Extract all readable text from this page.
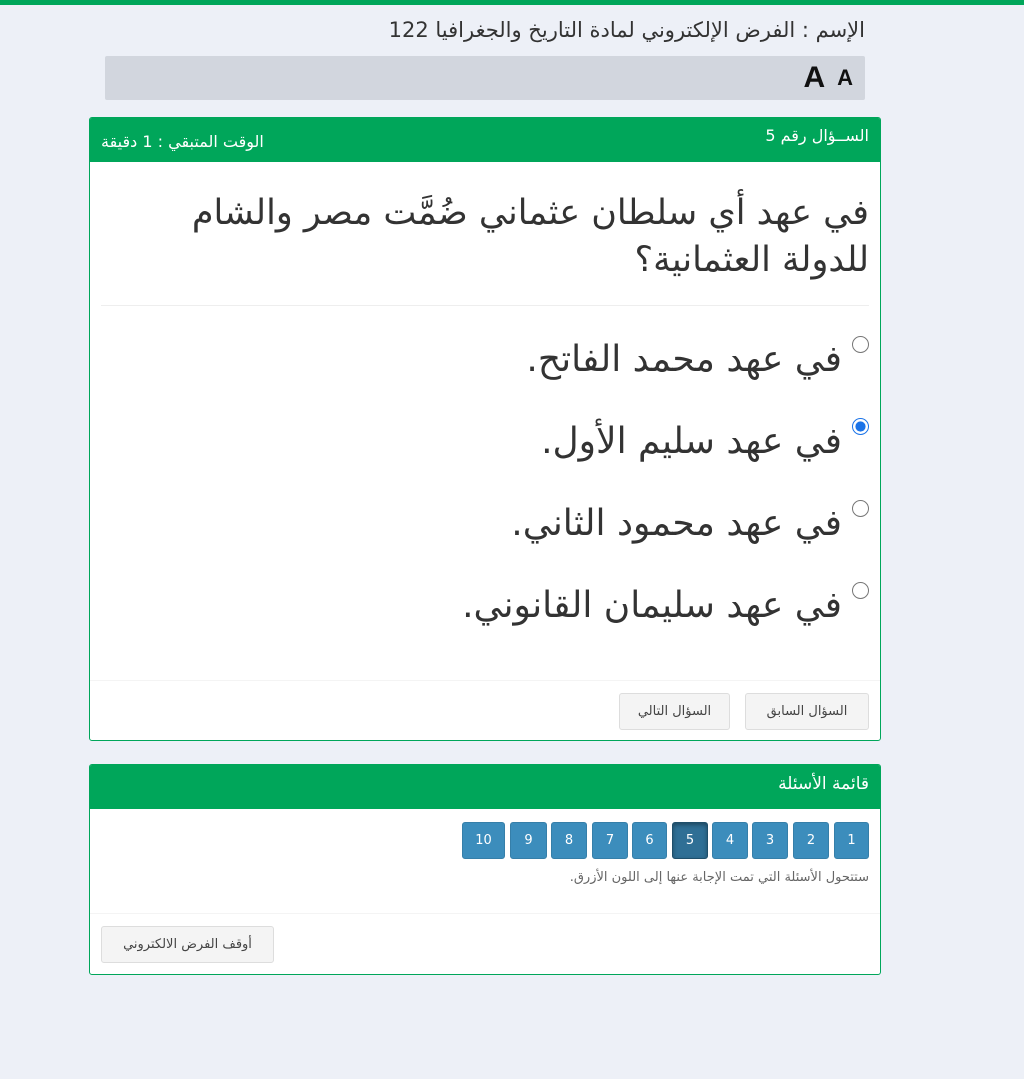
الإسم : الفرض الإلكتروني لمادة التاريخ والجغرافيا 122
A
A
الســؤال رقم 5
الوقت المتبقي : 1 دقيقة
في عهد أي سلطان عثماني ضُمَّت مصر والشام للدولة العثمانية؟
في عهد محمد الفاتح.
في عهد سليم الأول.
في عهد محمود الثاني.
في عهد سليمان القانوني.
السؤال السابق
السؤال التالي
قائمة الأسئلة
1
2
3
4
5
6
7
8
9
10
ستتحول الأسئلة التي تمت الإجابة عنها إلى اللون الأزرق.
أوقف الفرض الالكتروني
